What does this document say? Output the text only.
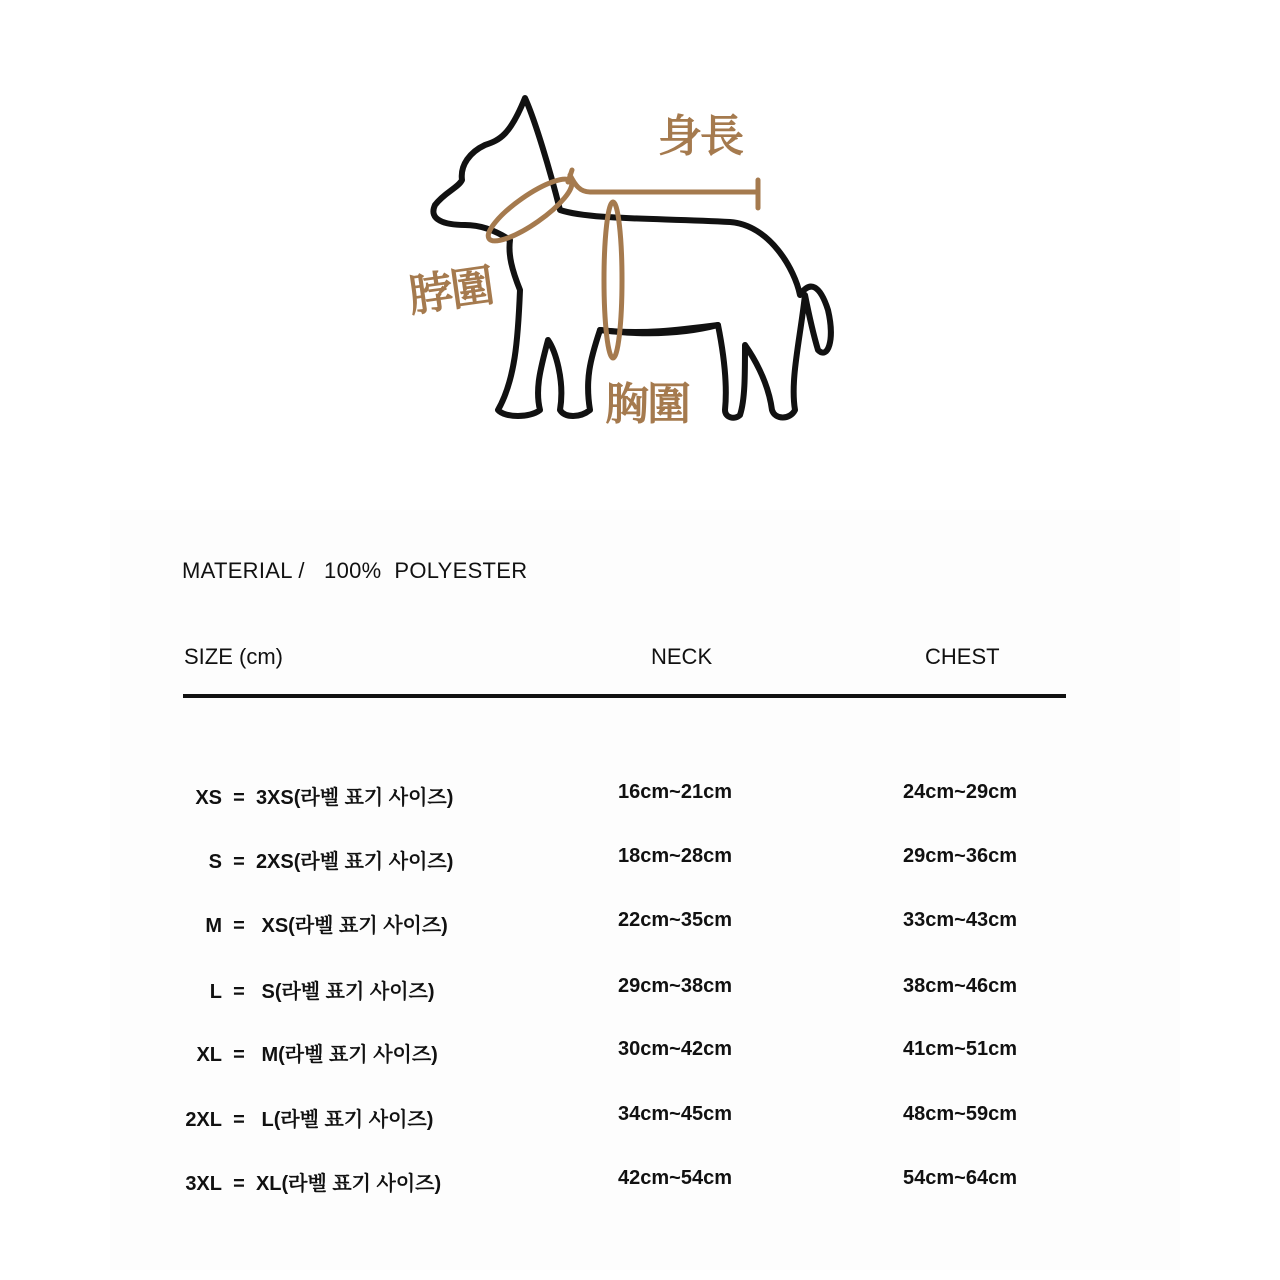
身長
脖圍
胸圍
MATERIAL / 100%  POLYESTER
SIZE (cm)	NECK	CHEST
XS = 3XS(라벨 표기 사이즈)	16cm~21cm	24cm~29cm
S = 2XS(라벨 표기 사이즈)	18cm~28cm	29cm~36cm
M = XS(라벨 표기 사이즈)	22cm~35cm	33cm~43cm
L = S(라벨 표기 사이즈)	29cm~38cm	38cm~46cm
XL = M(라벨 표기 사이즈)	30cm~42cm	41cm~51cm
2XL = L(라벨 표기 사이즈)	34cm~45cm	48cm~59cm
3XL = XL(라벨 표기 사이즈)	42cm~54cm	54cm~64cm
